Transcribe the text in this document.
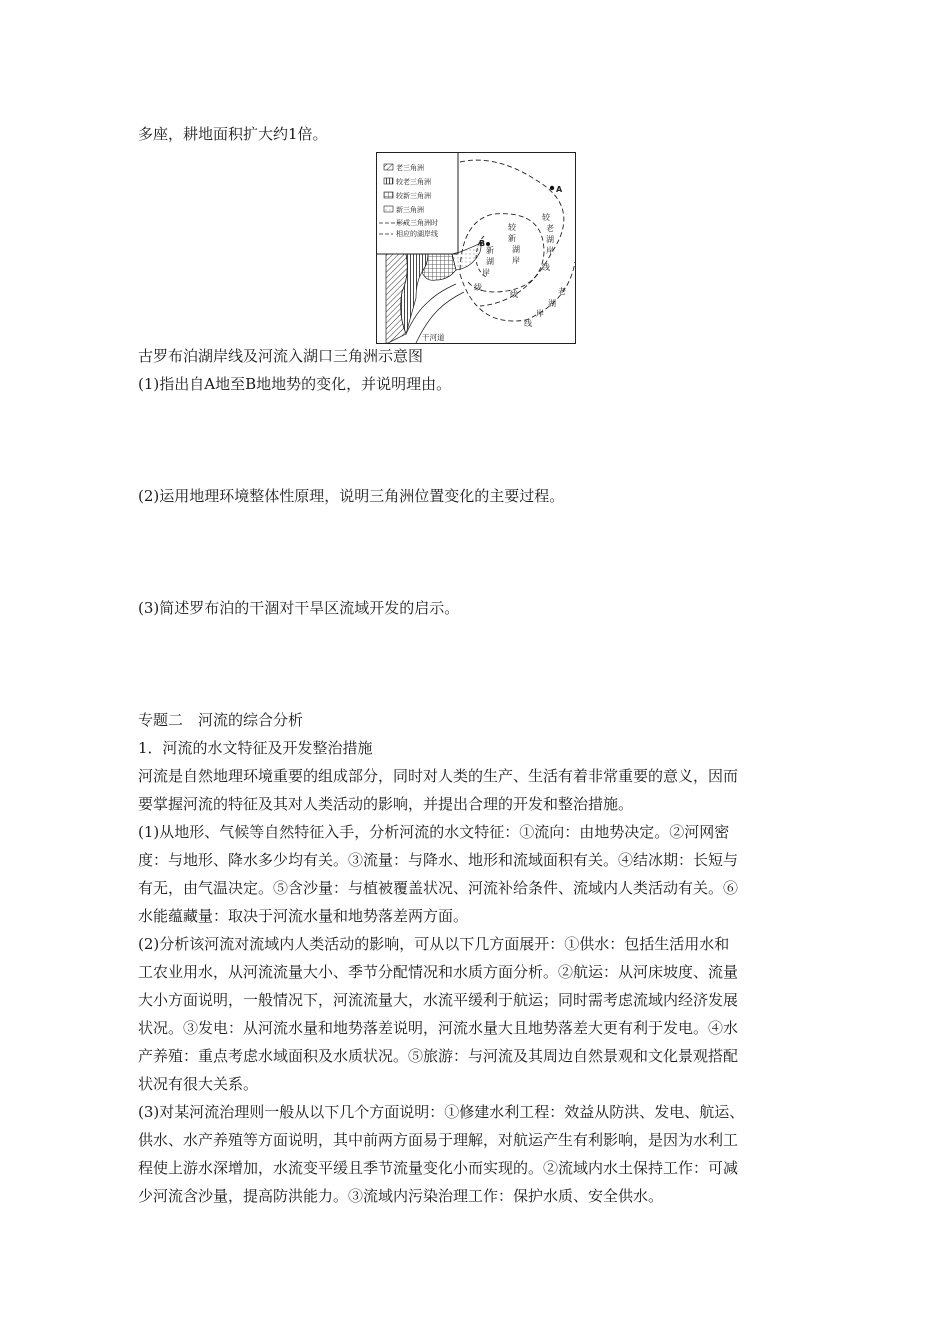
多座，耕地面积扩大约1倍。
老三角洲
较老三角洲
较新三角洲
新三角洲
形成三角洲时
相应的湖岸线
A
B
新
湖
岸
线
较
新
湖
岸
线
较
老
湖
岸
线
老
湖
岸
线
干河道
古罗布泊湖岸线及河流入湖口三角洲示意图
(1)指出自A地至B地地势的变化，并说明理由。
(2)运用地理环境整体性原理，说明三角洲位置变化的主要过程。
(3)简述罗布泊的干涸对干旱区流域开发的启示。
专题二　河流的综合分析
1．河流的水文特征及开发整治措施
河流是自然地理环境重要的组成部分，同时对人类的生产、生活有着非常重要的意义，因而
要掌握河流的特征及其对人类活动的影响，并提出合理的开发和整治措施。
(1)从地形、气候等自然特征入手，分析河流的水文特征：①流向：由地势决定。②河网密
度：与地形、降水多少均有关。③流量：与降水、地形和流域面积有关。④结冰期：长短与
有无，由气温决定。⑤含沙量：与植被覆盖状况、河流补给条件、流域内人类活动有关。⑥
水能蕴藏量：取决于河流水量和地势落差两方面。
(2)分析该河流对流域内人类活动的影响，可从以下几方面展开：①供水：包括生活用水和
工农业用水，从河流流量大小、季节分配情况和水质方面分析。②航运：从河床坡度、流量
大小方面说明，一般情况下，河流流量大，水流平缓利于航运；同时需考虑流域内经济发展
状况。③发电：从河流水量和地势落差说明，河流水量大且地势落差大更有利于发电。④水
产养殖：重点考虑水域面积及水质状况。⑤旅游：与河流及其周边自然景观和文化景观搭配
状况有很大关系。
(3)对某河流治理则一般从以下几个方面说明：①修建水利工程：效益从防洪、发电、航运、
供水、水产养殖等方面说明，其中前两方面易于理解，对航运产生有利影响，是因为水利工
程使上游水深增加，水流变平缓且季节流量变化小而实现的。②流域内水土保持工作：可减
少河流含沙量，提高防洪能力。③流域内污染治理工作：保护水质、安全供水。
